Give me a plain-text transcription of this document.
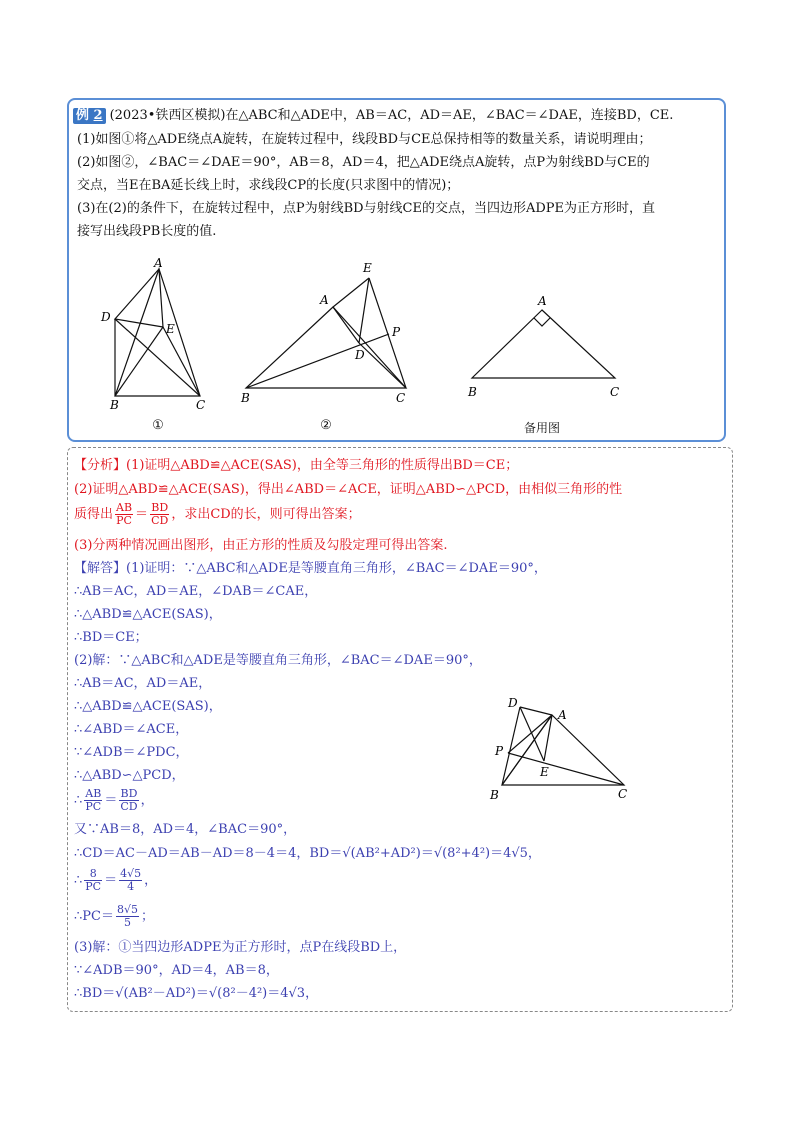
例 2 (2023•铁西区模拟)在△ABC和△ADE中，AB＝AC，AD＝AE，∠BAC＝∠DAE，连接BD，CE.
(1)如图①将△ADE绕点A旋转，在旋转过程中，线段BD与CE总保持相等的数量关系，请说明理由；
(2)如图②，∠BAC＝∠DAE＝90°，AB＝8，AD＝4，把△ADE绕点A旋转，点P为射线BD与CE的
交点，当E在BA延长线上时，求线段CP的长度(只求图中的情况)；
(3)在(2)的条件下，在旋转过程中，点P为射线BD与射线CE的交点，当四边形ADPE为正方形时，直
接写出线段PB长度的值.
A
D
E
B	C
①
E
A
P
D
B	C
②
A
B	C
备用图
【分析】(1)证明△ABD≌△ACE(SAS)，由全等三角形的性质得出BD＝CE；
(2)证明△ABD≌△ACE(SAS)，得出∠ABD＝∠ACE，证明△ABD∽△PCD，由相似三角形的性
质得出 $\frac{AB}{PC} = \frac{BD}{CD}$ ，求出CD的长，则可得出答案；
(3)分两种情况画出图形，由正方形的性质及勾股定理可得出答案.
【解答】(1)证明：∵△ABC和△ADE是等腰直角三角形，∠BAC＝∠DAE＝90°，
∴AB＝AC，AD＝AE，∠DAB＝∠CAE，
∴△ABD≌△ACE(SAS)，
∴BD＝CE；
(2)解：∵△ABC和△ADE是等腰直角三角形，∠BAC＝∠DAE＝90°，
∴AB＝AC，AD＝AE，
∴△ABD≌△ACE(SAS)，
∴∠ABD＝∠ACE，
∵∠ADB＝∠PDC，
∴△ABD∽△PCD，
∴ $\frac{AB}{PC} = \frac{BD}{CD}$ ，
又∵AB＝8，AD＝4，∠BAC＝90°，
∴CD＝AC－AD＝AB－AD＝8－4＝4，BD＝√(AB²+AD²)＝√(8²+4²)＝4√5，
∴ $\frac{8}{PC} = \frac{4√5}{4}$ ，
∴PC＝ $\frac{8√5}{5}$ ；
(3)解：①当四边形ADPE为正方形时，点P在线段BD上，
∵∠ADB＝90°，AD＝4，AB＝8，
∴BD＝√(AB²－AD²)＝√(8²－4²)＝4√3，
D
A
P
E
B	C
